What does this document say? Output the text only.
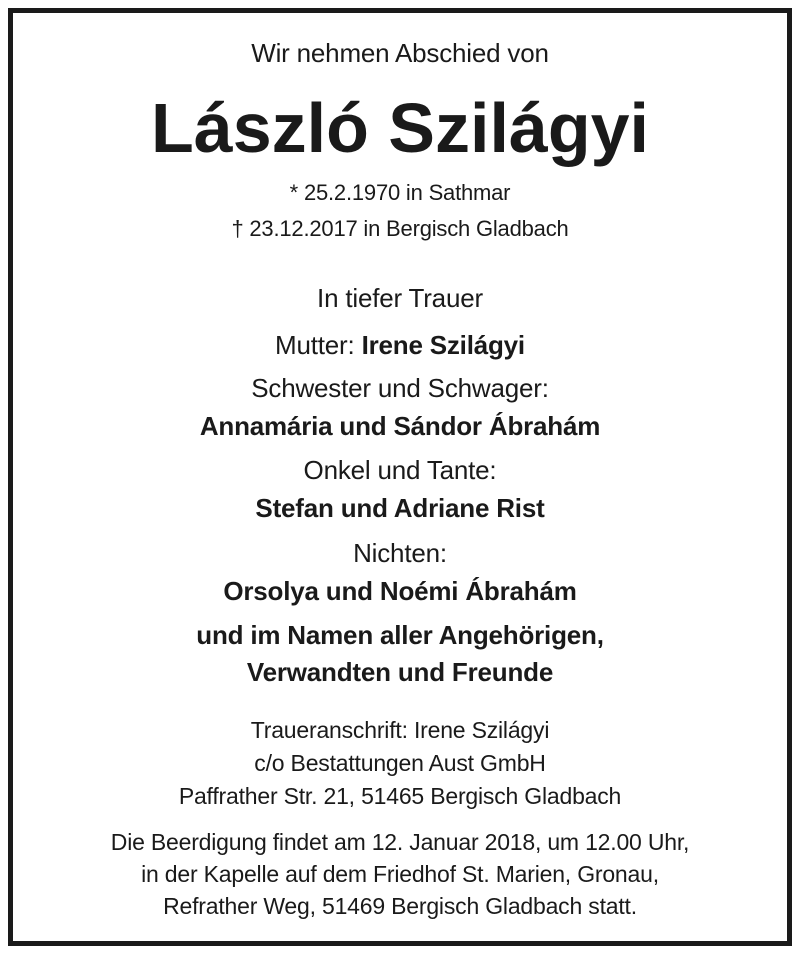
Wir nehmen Abschied von
László Szilágyi
* 25.2.1970 in Sathmar
† 23.12.2017 in Bergisch Gladbach
In tiefer Trauer
Mutter: Irene Szilágyi
Schwester und Schwager:
Annamária und Sándor Ábrahám
Onkel und Tante:
Stefan und Adriane Rist
Nichten:
Orsolya und Noémi Ábrahám
und im Namen aller Angehörigen,
Verwandten und Freunde
Traueranschrift: Irene Szilágyi
c/o Bestattungen Aust GmbH
Paffrather Str. 21, 51465 Bergisch Gladbach
Die Beerdigung findet am 12. Januar 2018, um 12.00 Uhr,
in der Kapelle auf dem Friedhof St. Marien, Gronau,
Refrather Weg, 51469 Bergisch Gladbach statt.
